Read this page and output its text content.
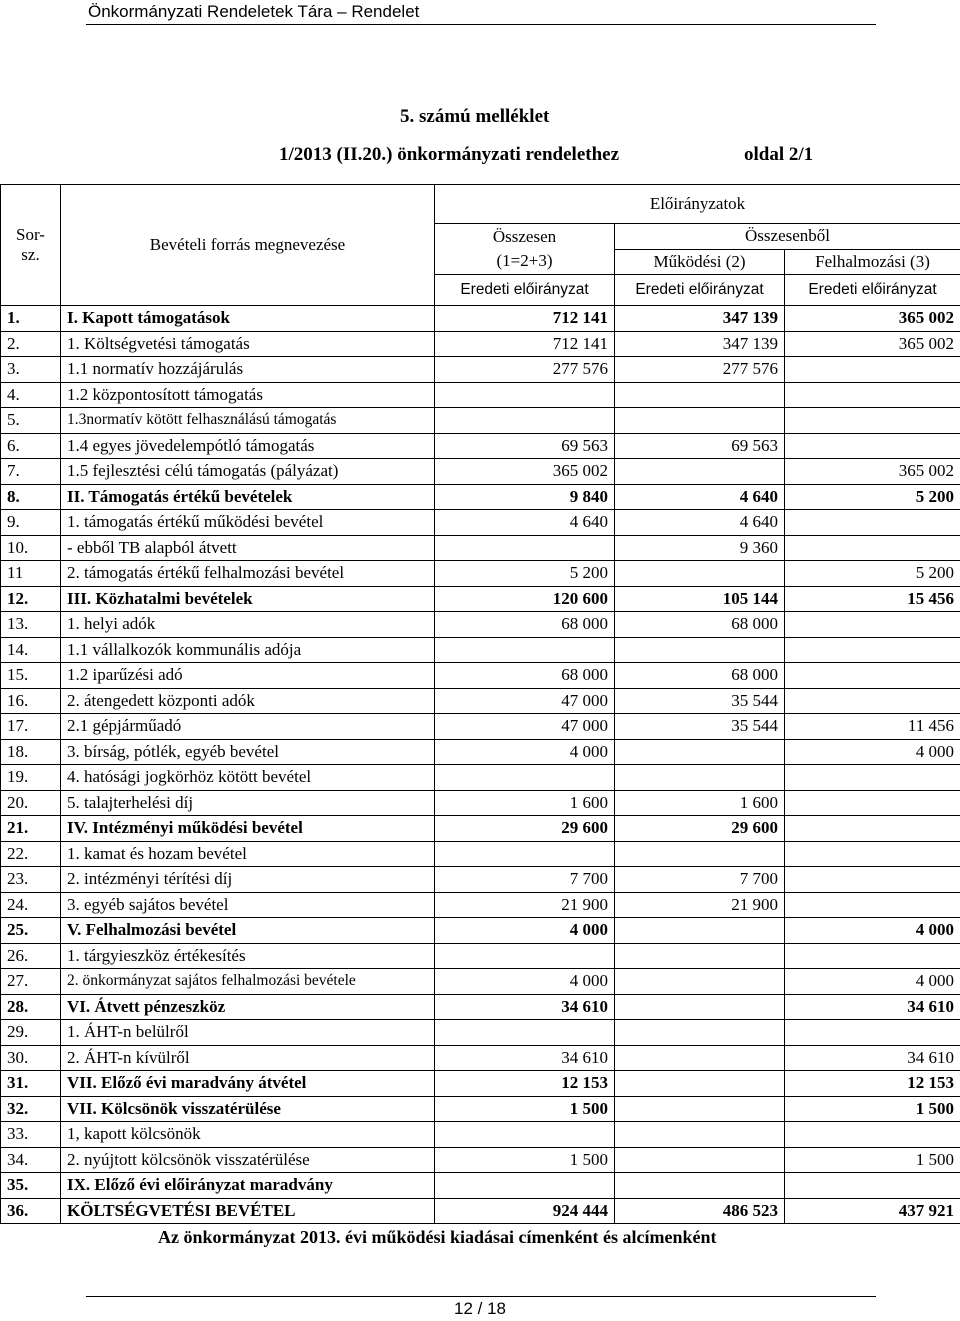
Önkormányzati Rendeletek Tára – Rendelet
5. számú melléklet
1/2013 (II.20.) önkormányzati rendelethez	oldal 2/1
Sor-
sz.	Bevételi forrás megnevezése	Előirányzatok		
		Összesen	Összesenből	
		(1=2+3)	Működési (2)	Felhalmozási (3)
		Eredeti előirányzat	Eredeti előirányzat	Eredeti előirányzat
1.	I. Kapott támogatások	712 141	347 139	365 002
2.	1. Költségvetési támogatás	712 141	347 139	365 002
3.	1.1 normatív hozzájárulás	277 576	277 576	
4.	1.2 központosított támogatás			
5.	1.3normatív kötött felhasználású támogatás			
6.	1.4 egyes jövedelempótló támogatás	69 563	69 563	
7.	1.5 fejlesztési célú támogatás (pályázat)	365 002		365 002
8.	II. Támogatás értékű bevételek	9 840	4 640	5 200
9.	1. támogatás értékű működési bevétel	4 640	4 640	
10.	- ebből TB alapból átvett		9 360	
11	2. támogatás értékű felhalmozási bevétel	5 200		5 200
12.	III. Közhatalmi bevételek	120 600	105 144	15 456
13.	1. helyi adók	68 000	68 000	
14.	1.1 vállalkozók kommunális adója			
15.	1.2 iparűzési adó	68 000	68 000	
16.	2. átengedett központi adók	47 000	35 544	
17.	2.1 gépjárműadó	47 000	35 544	11 456
18.	3. bírság, pótlék, egyéb bevétel	4 000		4 000
19.	4. hatósági jogkörhöz kötött bevétel			
20.	5. talajterhelési díj	1 600	1 600	
21.	IV. Intézményi működési bevétel	29 600	29 600	
22.	1. kamat és hozam bevétel			
23.	2. intézményi térítési díj	7 700	7 700	
24.	3. egyéb sajátos bevétel	21 900	21 900	
25.	V. Felhalmozási bevétel	4 000		4 000
26.	1. tárgyieszköz értékesítés			
27.	2. önkormányzat sajátos felhalmozási bevétele	4 000		4 000
28.	VI. Átvett pénzeszköz	34 610		34 610
29.	1. ÁHT-n belülről			
30.	2. ÁHT-n kívülről	34 610		34 610
31.	VII. Előző évi maradvány átvétel	12 153		12 153
32.	VII. Kölcsönök visszatérülése	1 500		1 500
33.	1, kapott kölcsönök			
34.	2. nyújtott kölcsönök visszatérülése	1 500		1 500
35.	IX. Előző évi előirányzat maradvány			
36.	KÖLTSÉGVETÉSI BEVÉTEL	924 444	486 523	437 921
Az önkormányzat 2013. évi működési kiadásai címenként és alcímenként
12 / 18
